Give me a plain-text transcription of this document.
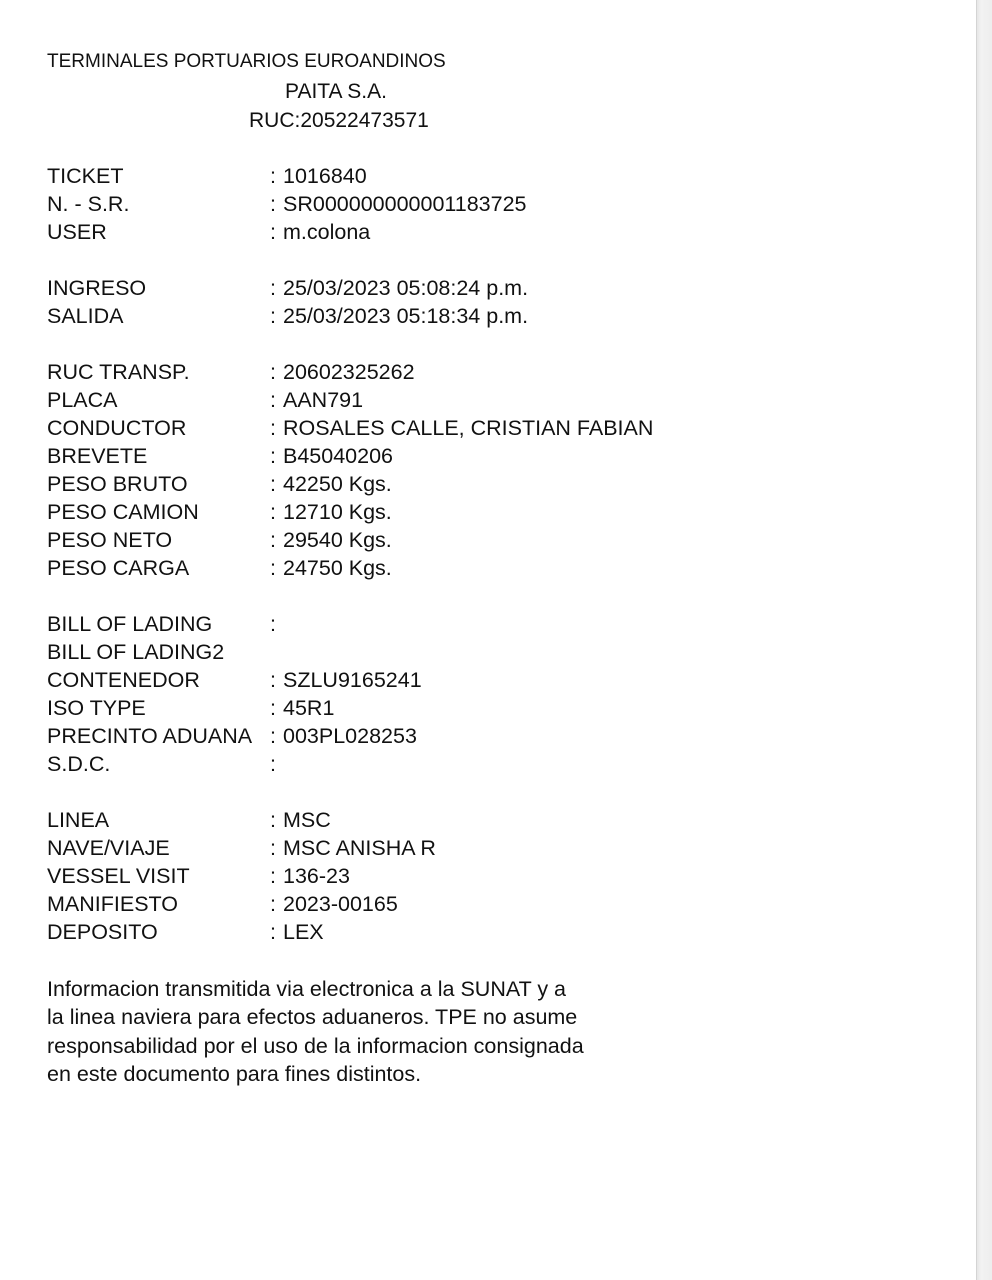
TERMINALES PORTUARIOS EUROANDINOS
PAITA S.A.
RUC:20522473571
TICKET	: 1016840
N. - S.R.	: SR000000000001183725
USER	: m.colona
INGRESO	: 25/03/2023 05:08:24 p.m.
SALIDA	: 25/03/2023 05:18:34 p.m.
RUC TRANSP.	: 20602325262
PLACA	: AAN791
CONDUCTOR	: ROSALES CALLE, CRISTIAN FABIAN
BREVETE	: B45040206
PESO BRUTO	: 42250 Kgs.
PESO CAMION	: 12710 Kgs.
PESO NETO	: 29540 Kgs.
PESO CARGA	: 24750 Kgs.
BILL OF LADING	:
BILL OF LADING2
CONTENEDOR	: SZLU9165241
ISO TYPE	: 45R1
PRECINTO ADUANA : 003PL028253
S.D.C.	:
LINEA	: MSC
NAVE/VIAJE	: MSC ANISHA R
VESSEL VISIT	: 136-23
MANIFIESTO	: 2023-00165
DEPOSITO	: LEX
Informacion transmitida via electronica a la SUNAT y a
la linea naviera para efectos aduaneros. TPE no asume
responsabilidad por el uso de la informacion consignada
en este documento para fines distintos.
